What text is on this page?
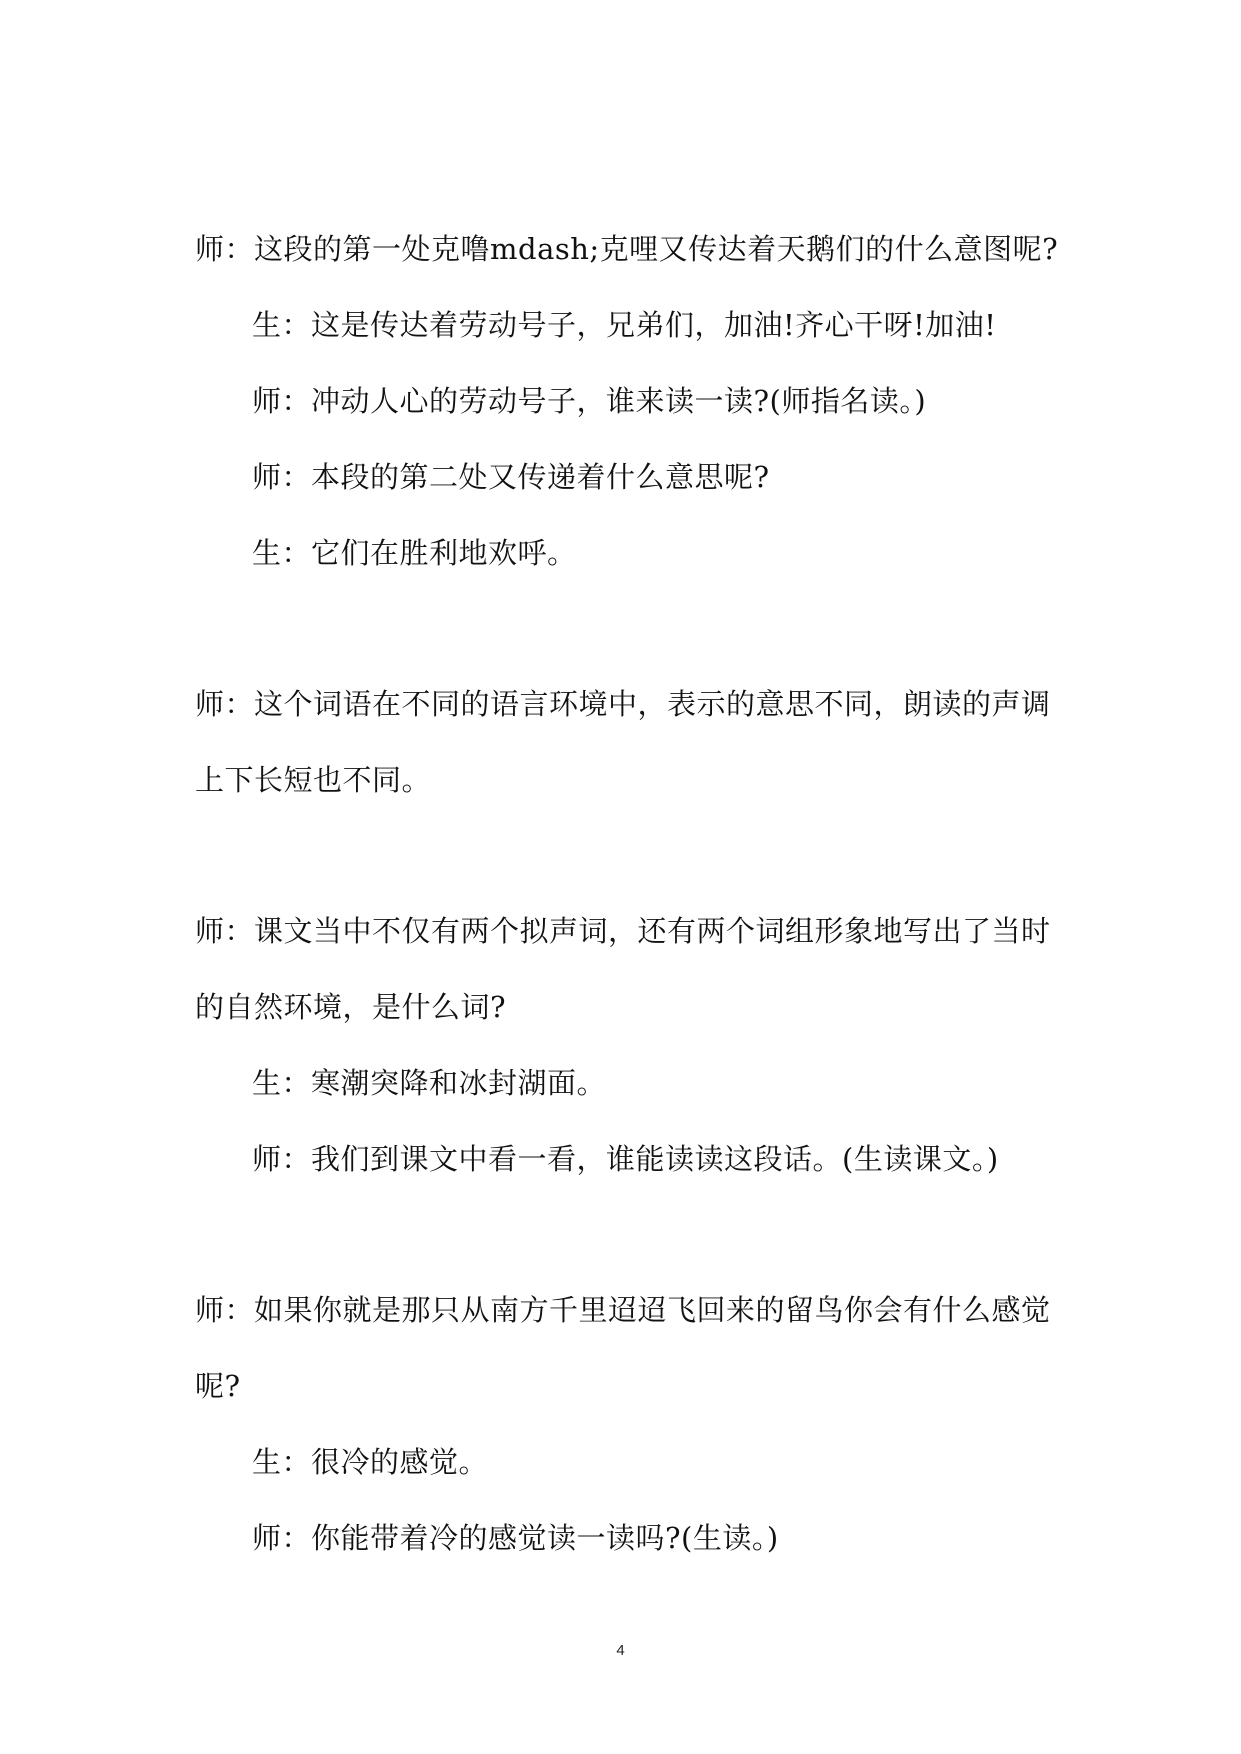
师：这段的第一处克噜mdash;克哩又传达着天鹅们的什么意图呢?
生：这是传达着劳动号子，兄弟们，加油!齐心干呀!加油!
师：冲动人心的劳动号子，谁来读一读?(师指名读。)
师：本段的第二处又传递着什么意思呢?
生：它们在胜利地欢呼。
师：这个词语在不同的语言环境中，表示的意思不同，朗读的声调
上下长短也不同。
师：课文当中不仅有两个拟声词，还有两个词组形象地写出了当时
的自然环境，是什么词?
生：寒潮突降和冰封湖面。
师：我们到课文中看一看，谁能读读这段话。(生读课文。)
师：如果你就是那只从南方千里迢迢飞回来的留鸟你会有什么感觉
呢?
生：很冷的感觉。
师：你能带着冷的感觉读一读吗?(生读。)
4
